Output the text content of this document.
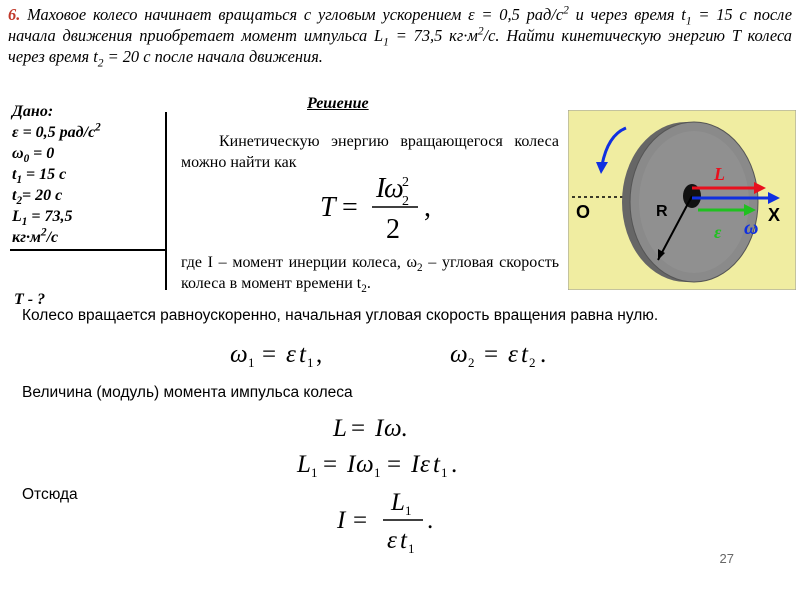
6. Маховое колесо начинает вращаться с угловым ускорением ε = 0,5 рад/$с^2$ и через время $t_1 = 15$ с после начала движения приобретает момент импульса $L_1 = 73,5$ $кг\cdot м^2/с$. Найти кинетическую энергию T колеса через время $t_2 = 20$ с после начала движения.
Дано:
ε = 0,5 рад/$с^2$
$\omega_0 = 0$
$t_1 = 15$ с
$t_2= 20$ с
$L_1 = 73,5$
$кг\cdot м^2/с$
T - ?
Решение
Кинетическую энергию вращающегося колеса можно найти как
T =
I
ω
2
2
2
,
где I – момент инерции колеса, $\omega_2$ – угловая скорость колеса в момент времени $t_2$.
Колесо вращается равноускоренно, начальная угловая скорость вращения равна нулю.
ω 1 = ε t 1 ,	ω 2 = ε t 2 .
Величина (модуль) момента импульса колеса
L = I ω .
L 1 = I ω 1 = I ε t 1 .
Отсюда
I =
L 1
ε t 1
.
O	R
L
X
ω
ε
27
